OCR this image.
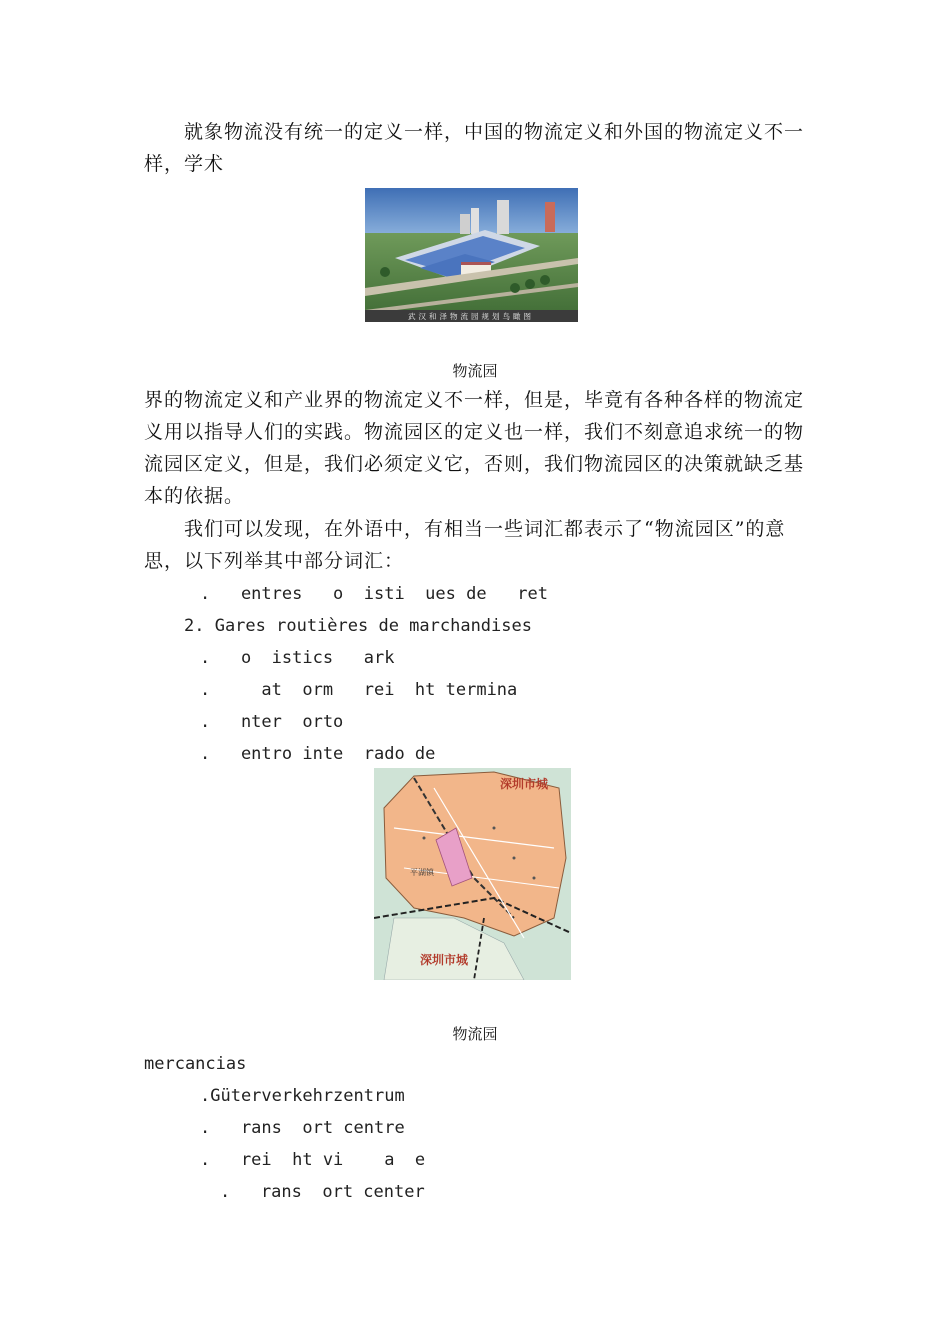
就象物流没有统一的定义一样，中国的物流定义和外国的物流定义不一样，学术

武汉和泽物流园规划鸟瞰图
物流园

界的物流定义和产业界的物流定义不一样，但是，毕竟有各种各样的物流定义用以指导人们的实践。物流园区的定义也一样，我们不刻意追求统一的物流园区定义，但是，我们必须定义它，否则，我们物流园区的决策就缺乏基本的依据。

我们可以发现，在外语中，有相当一些词汇都表示了“物流园区”的意思，以下列举其中部分词汇：

.   entres   o  isti  ues de   ret
2. Gares routières de marchandises
.   o  istics   ark
.     at  orm   rei  ht termina
.   nter  orto
.   entro inte  rado de
深圳市城
深圳市城
平湖镇
物流园
mercancias
.Güterverkehrzentrum
.   rans  ort centre
.   rei  ht vi    a  e
.   rans  ort center
